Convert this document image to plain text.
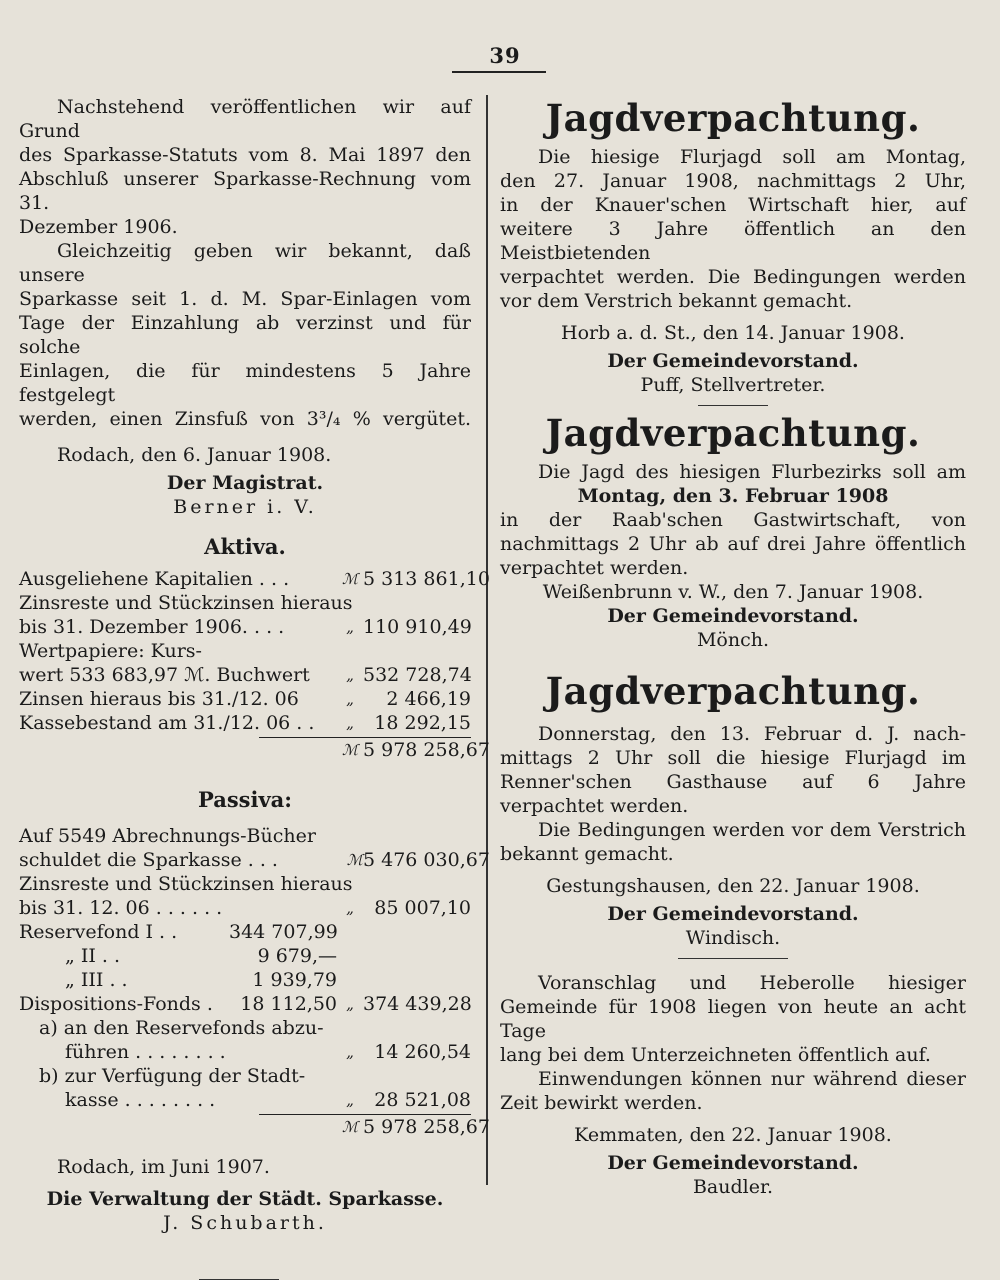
39

Nachstehend veröffentlichen wir auf Grund

des Sparkasse-Statuts vom 8. Mai 1897 den

Abschluß unserer Sparkasse-Rechnung vom 31.

Dezember 1906.

Gleichzeitig geben wir bekannt, daß unsere

Sparkasse seit 1. d. M. Spar-Einlagen vom

Tage der Einzahlung ab verzinst und für solche

Einlagen, die für mindestens 5 Jahre festgelegt

werden, einen Zinsfuß von 3³/₄ % vergütet.

Rodach, den 6. Januar 1908.

Der Magistrat.

Berner i. V.

Aktiva.

Ausgeliehene Kapitalien . . .	ℳ 5 313 861,10
Zinsreste und Stückzinsen hieraus
bis 31. Dezember 1906. . . .	„ 110 910,49
Wertpapiere: Kurs-
wert 533 683,97 ℳ. Buchwert	„ 532 728,74
Zinsen hieraus bis 31./12. 06	„	2 466,19
Kassebestand am 31./12. 06 . .	„	18 292,15
ℳ 5 978 258,67

Passiva:

Auf 5549 Abrechnungs-Bücher
schuldet die Sparkasse . . .	ℳ 5 476 030,67
Zinsreste und Stückzinsen hieraus
bis 31. 12. 06 . . . . . .	„	85 007,10
Reservefond I . .	344 707,99
„ II . .	9 679,—
„ III . .	1 939,79
Dispositions-Fonds .	18 112,50 „ 374 439,28
a) an den Reservefonds abzu-
führen . . . . . . . .	„	14 260,54
b) zur Verfügung der Stadt-
kasse . . . . . . . .	„	28 521,08
ℳ 5 978 258,67

Rodach, im Juni 1907.

Die Verwaltung der Städt. Sparkasse.

J. Schubarth.

Jagdverpachtung.

Die hiesige Flurjagd soll am Montag,

den 27. Januar 1908, nachmittags 2 Uhr,

in der Knauer'schen Wirtschaft hier, auf

weitere 3 Jahre öffentlich an den Meistbietenden

verpachtet werden. Die Bedingungen werden

vor dem Verstrich bekannt gemacht.

Horb a. d. St., den 14. Januar 1908.

Der Gemeindevorstand.

Puff, Stellvertreter.

Jagdverpachtung.

Die Jagd des hiesigen Flurbezirks soll am

Montag, den 3. Februar 1908

in der Raab'schen Gastwirtschaft, von

nachmittags 2 Uhr ab auf drei Jahre öffentlich

verpachtet werden.

Weißenbrunn v. W., den 7. Januar 1908.

Der Gemeindevorstand.

Mönch.

Jagdverpachtung.

Donnerstag, den 13. Februar d. J. nach-

mittags 2 Uhr soll die hiesige Flurjagd im

Renner'schen Gasthause auf 6 Jahre

verpachtet werden.

Die Bedingungen werden vor dem Verstrich

bekannt gemacht.

Gestungshausen, den 22. Januar 1908.

Der Gemeindevorstand.

Windisch.

Voranschlag und Heberolle hiesiger

Gemeinde für 1908 liegen von heute an acht Tage

lang bei dem Unterzeichneten öffentlich auf.

Einwendungen können nur während dieser

Zeit bewirkt werden.

Kemmaten, den 22. Januar 1908.

Der Gemeindevorstand.

Baudler.
